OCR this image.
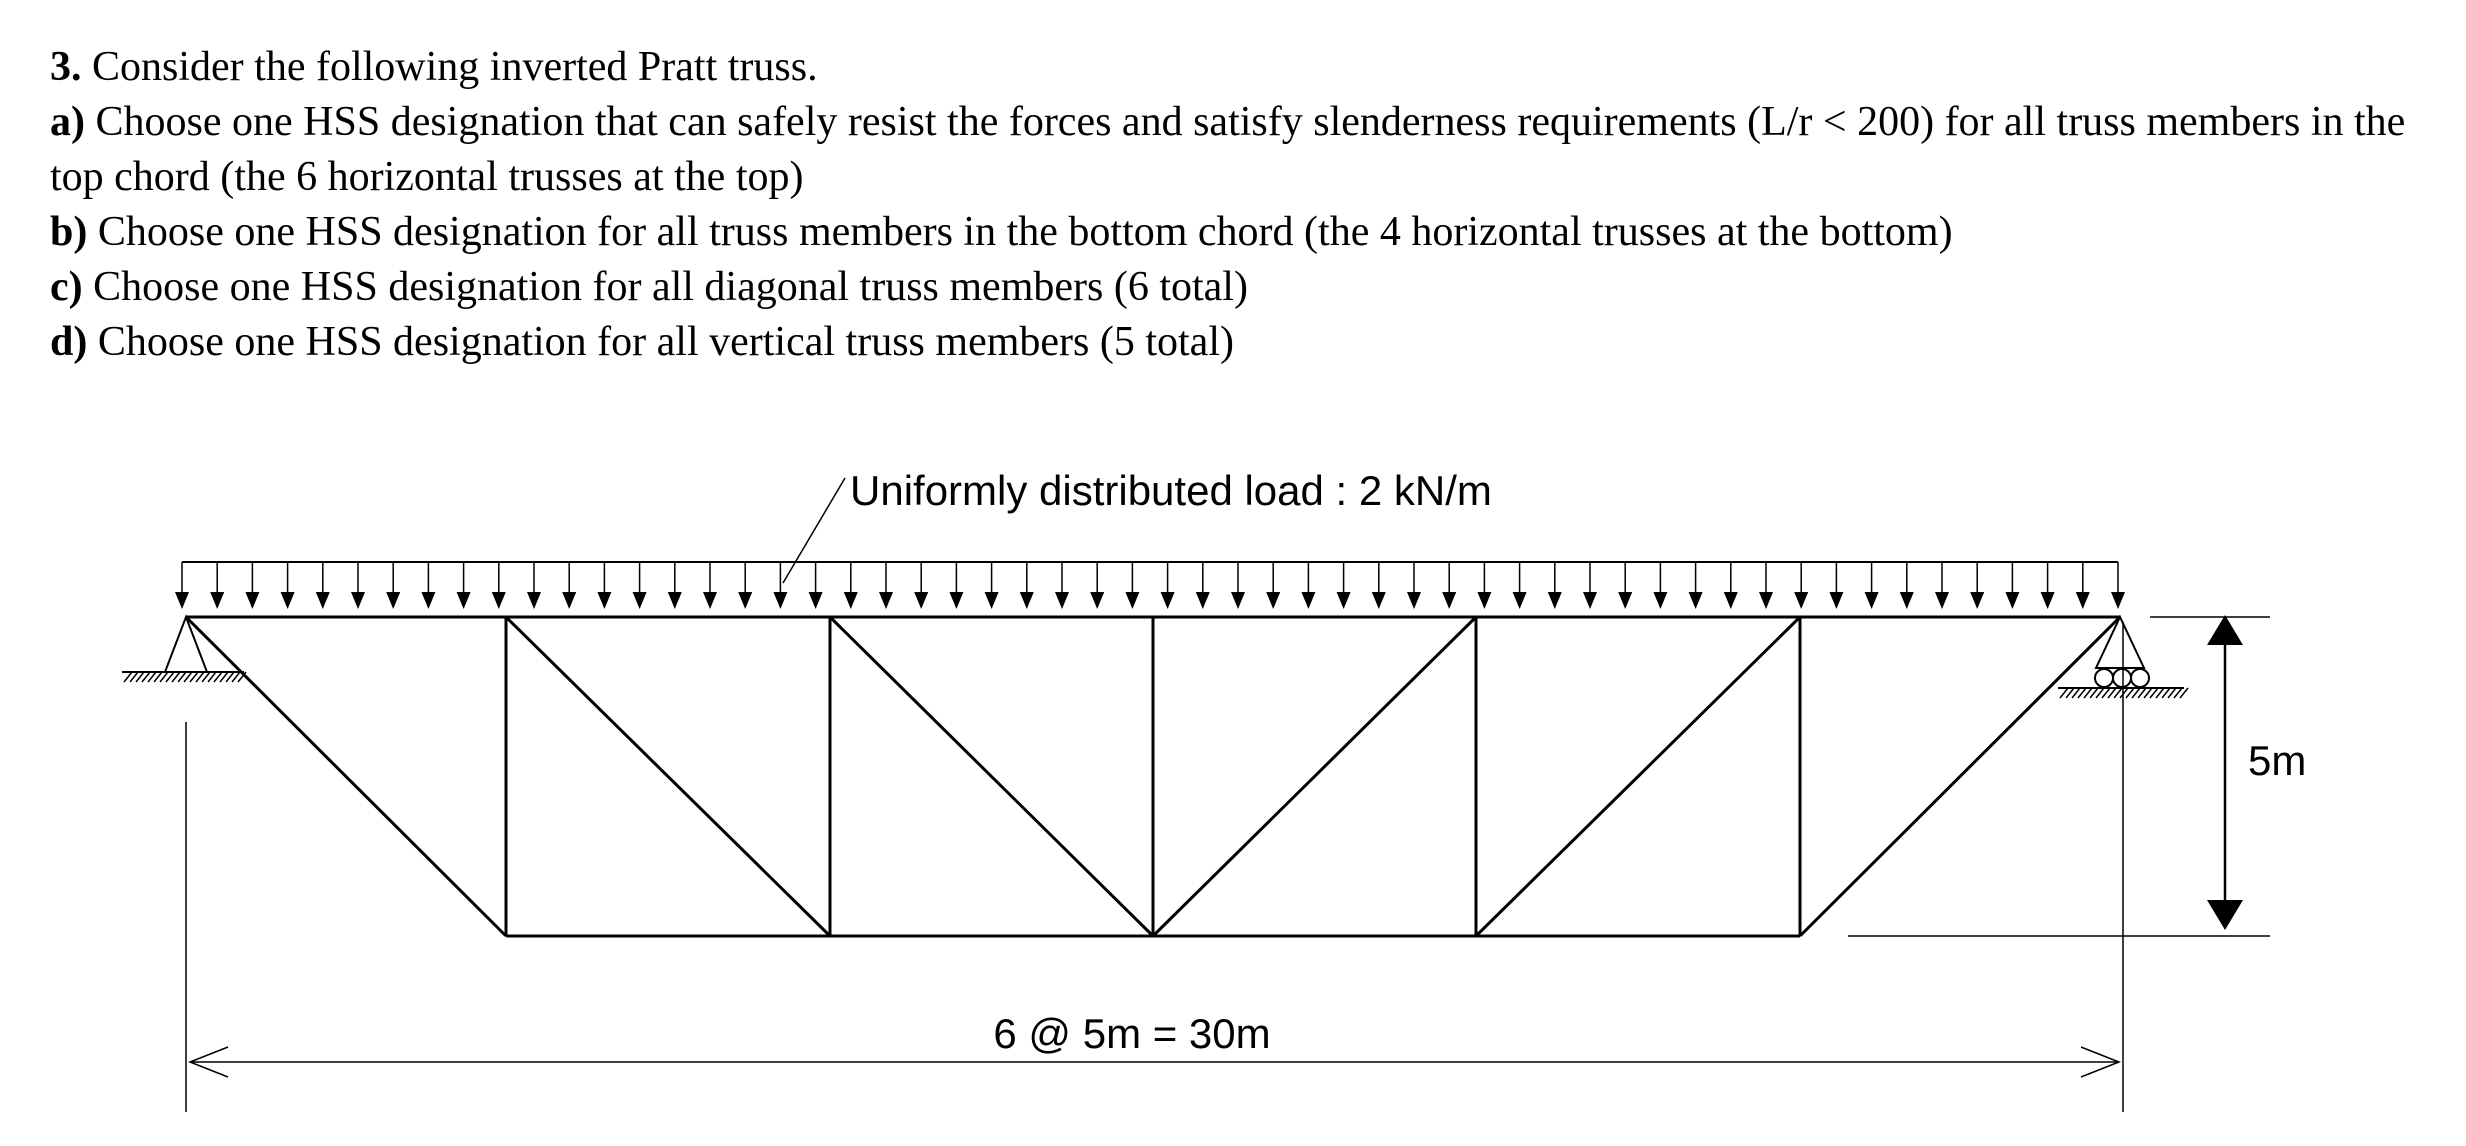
3. Consider the following inverted Pratt truss.

a) Choose one HSS designation that can safely resist the forces and satisfy slenderness requirements (L/r < 200) for all truss members in the top chord (the 6 horizontal trusses at the top)

b) Choose one HSS designation for all truss members in the bottom chord (the 4 horizontal trusses at the bottom)

c) Choose one HSS designation for all diagonal truss members (6 total)

d) Choose one HSS designation for all vertical truss members (5 total)

Uniformly distributed load : 2 kN/m
5m
6 @ 5m = 30m
